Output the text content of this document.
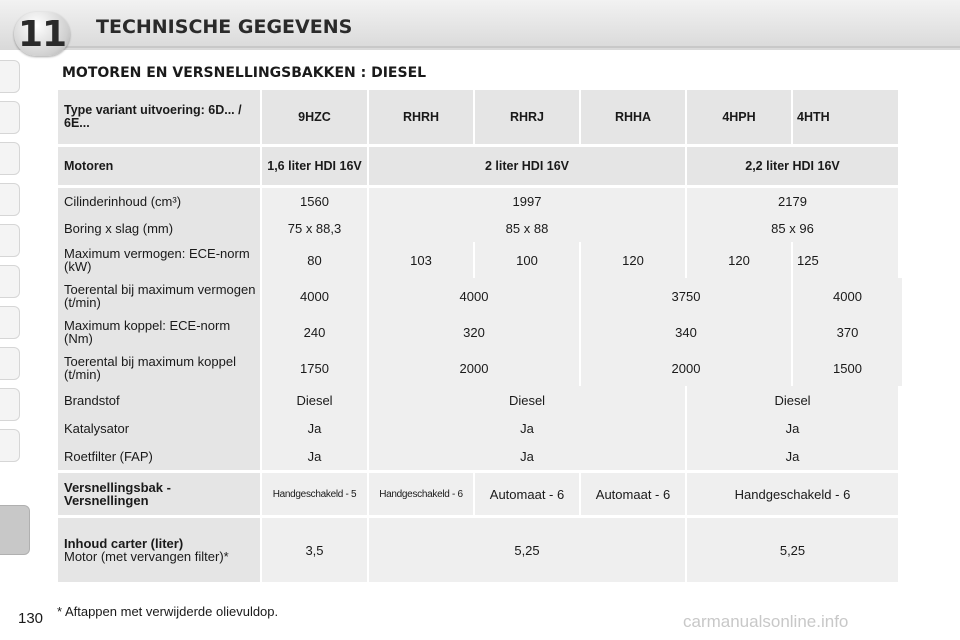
11 TECHNISCHE GEGEVENS
MOTOREN EN VERSNELLINGSBAKKEN : DIESEL
Type variant uitvoering: 6D... / 6E...	9HZC	RHRH	RHRJ	RHHA	4HPH	4HTH

Motoren	1,6 liter HDI 16V	2 liter HDI 16V			2,2 liter HDI 16V	

Cilinderinhoud (cm³)	1560	1997			2179	
Boring x slag (mm)	75 x 88,3	85 x 88			85 x 96	
Maximum vermogen: ECE-norm (kW)	80	103	100	120	120	125
Toerental bij maximum vermogen (t/min)	4000	4000		3750		4000
Maximum koppel: ECE-norm (Nm)	240	320		340		370
Toerental bij maximum koppel (t/min)	1750	2000		2000		1500
Brandstof	Diesel	Diesel			Diesel	
Katalysator	Ja	Ja			Ja	
Roetfilter (FAP)	Ja	Ja			Ja	

Versnellingsbak - Versnellingen	Handgeschakeld - 5	Handgeschakeld - 6	Automaat - 6	Automaat - 6	Handgeschakeld - 6	

Inhoud carter (liter)
Motor (met vervangen filter)*	3,5	5,25			5,25	
* Aftappen met verwijderde olievuldop.
130	carmanualsonline.info
